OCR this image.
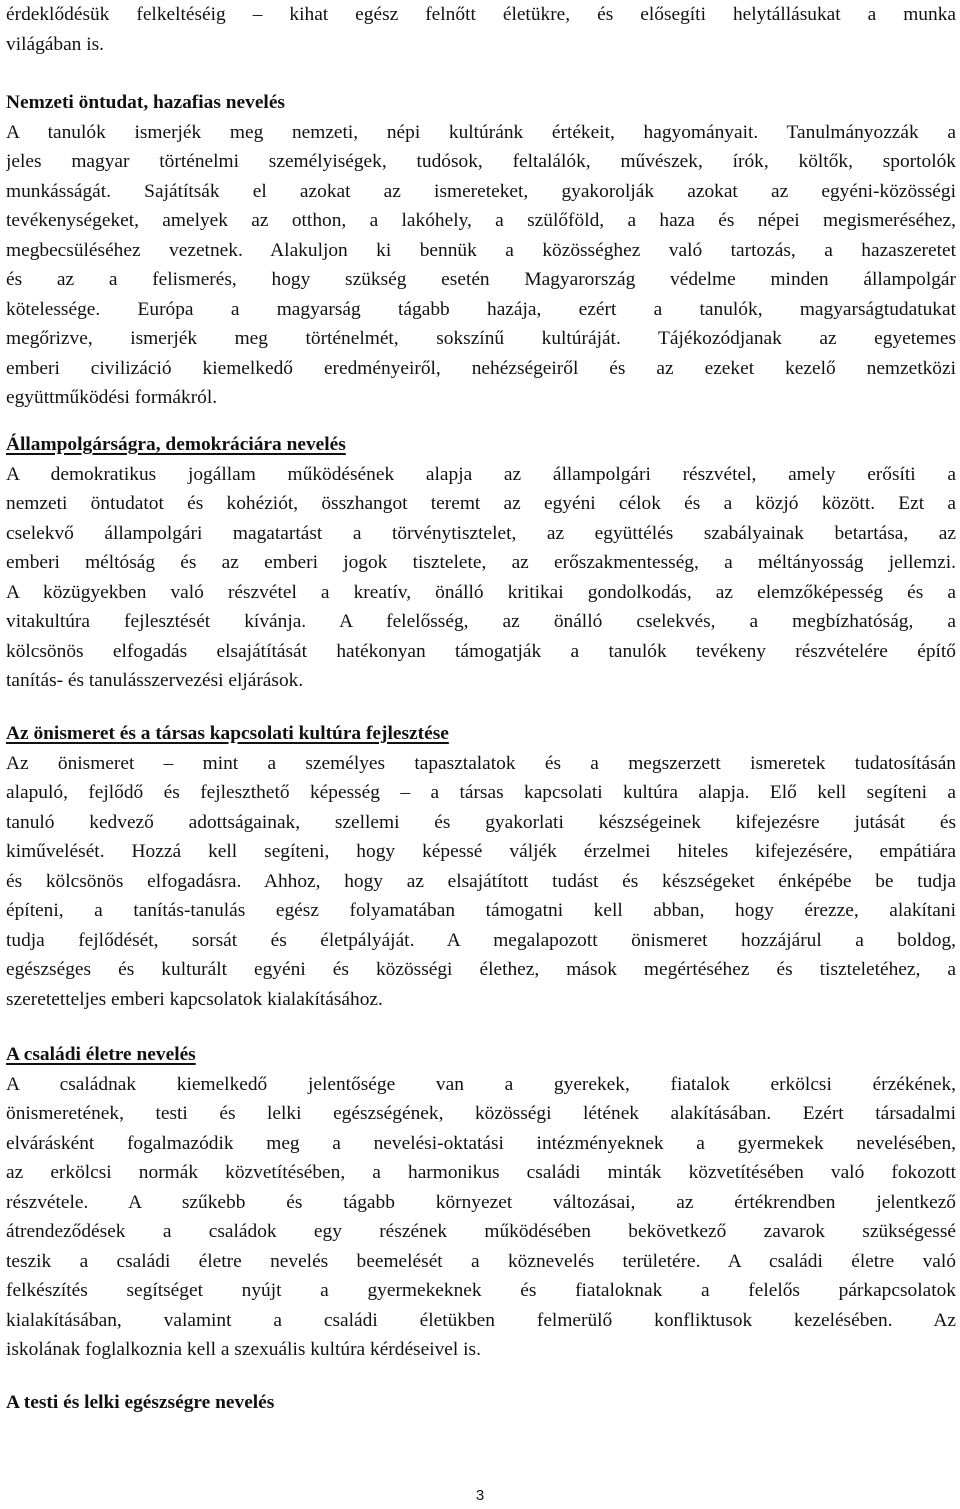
érdeklődésük felkeltéséig – kihat egész felnőtt életükre, és elősegíti helytállásukat a munka
világában is.
Nemzeti öntudat, hazafias nevelés
A tanulók ismerjék meg nemzeti, népi kultúránk értékeit, hagyományait. Tanulmányozzák a
jeles magyar történelmi személyiségek, tudósok, feltalálók, művészek, írók, költők, sportolók
munkásságát. Sajátítsák el azokat az ismereteket, gyakorolják azokat az egyéni-közösségi
tevékenységeket, amelyek az otthon, a lakóhely, a szülőföld, a haza és népei megismeréséhez,
megbecsüléséhez vezetnek. Alakuljon ki bennük a közösséghez való tartozás, a hazaszeretet
és az a felismerés, hogy szükség esetén Magyarország védelme minden állampolgár
kötelessége. Európa a magyarság tágabb hazája, ezért a tanulók, magyarságtudatukat
megőrizve, ismerjék meg történelmét, sokszínű kultúráját. Tájékozódjanak az egyetemes
emberi civilizáció kiemelkedő eredményeiről, nehézségeiről és az ezeket kezelő nemzetközi
együttműködési formákról.
Állampolgárságra, demokráciára nevelés
A demokratikus jogállam működésének alapja az állampolgári részvétel, amely erősíti a
nemzeti öntudatot és kohéziót, összhangot teremt az egyéni célok és a közjó között. Ezt a
cselekvő állampolgári magatartást a törvénytisztelet, az együttélés szabályainak betartása, az
emberi méltóság és az emberi jogok tisztelete, az erőszakmentesség, a méltányosság jellemzi.
A közügyekben való részvétel a kreatív, önálló kritikai gondolkodás, az elemzőképesség és a
vitakultúra fejlesztését kívánja. A felelősség, az önálló cselekvés, a megbízhatóság, a
kölcsönös elfogadás elsajátítását hatékonyan támogatják a tanulók tevékeny részvételére építő
tanítás- és tanulásszervezési eljárások.
Az önismeret és a társas kapcsolati kultúra fejlesztése
Az önismeret – mint a személyes tapasztalatok és a megszerzett ismeretek tudatosításán
alapuló, fejlődő és fejleszthető képesség – a társas kapcsolati kultúra alapja. Elő kell segíteni a
tanuló kedvező adottságainak, szellemi és gyakorlati készségeinek kifejezésre jutását és
kiművelését. Hozzá kell segíteni, hogy képessé váljék érzelmei hiteles kifejezésére, empátiára
és kölcsönös elfogadásra. Ahhoz, hogy az elsajátított tudást és készségeket énképébe be tudja
építeni, a tanítás-tanulás egész folyamatában támogatni kell abban, hogy érezze, alakítani
tudja fejlődését, sorsát és életpályáját. A megalapozott önismeret hozzájárul a boldog,
egészséges és kulturált egyéni és közösségi élethez, mások megértéséhez és tiszteletéhez, a
szeretetteljes emberi kapcsolatok kialakításához.
A családi életre nevelés
A családnak kiemelkedő jelentősége van a gyerekek, fiatalok erkölcsi érzékének,
önismeretének, testi és lelki egészségének, közösségi létének alakításában. Ezért társadalmi
elvárásként fogalmazódik meg a nevelési-oktatási intézményeknek a gyermekek nevelésében,
az erkölcsi normák közvetítésében, a harmonikus családi minták közvetítésében való fokozott
részvétele. A szűkebb és tágabb környezet változásai, az értékrendben jelentkező
átrendeződések a családok egy részének működésében bekövetkező zavarok szükségessé
teszik a családi életre nevelés beemelését a köznevelés területére. A családi életre való
felkészítés segítséget nyújt a gyermekeknek és fiataloknak a felelős párkapcsolatok
kialakításában, valamint a családi életükben felmerülő konfliktusok kezelésében. Az
iskolának foglalkoznia kell a szexuális kultúra kérdéseivel is.
A testi és lelki egészségre nevelés
3
